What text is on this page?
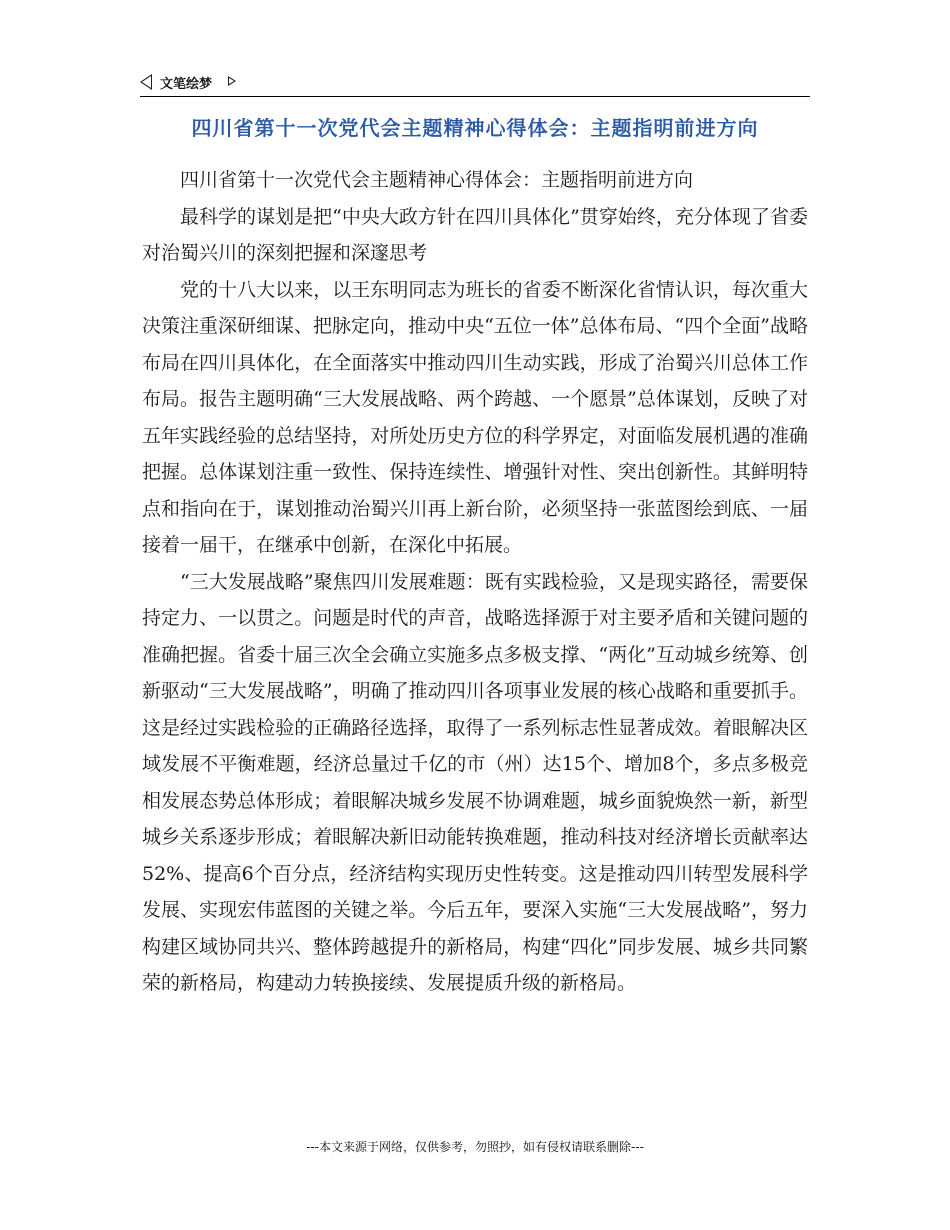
文笔绘梦
四川省第十一次党代会主题精神心得体会：主题指明前进方向

四川省第十一次党代会主题精神心得体会：主题指明前进方向

最科学的谋划是把“中央大政方针在四川具体化”贯穿始终，充分体现了省委对治蜀兴川的深刻把握和深邃思考

党的十八大以来，以王东明同志为班长的省委不断深化省情认识，每次重大决策注重深研细谋、把脉定向，推动中央“五位一体”总体布局、“四个全面”战略布局在四川具体化，在全面落实中推动四川生动实践，形成了治蜀兴川总体工作布局。报告主题明确“三大发展战略、两个跨越、一个愿景”总体谋划，反映了对五年实践经验的总结坚持，对所处历史方位的科学界定，对面临发展机遇的准确把握。总体谋划注重一致性、保持连续性、增强针对性、突出创新性。其鲜明特点和指向在于，谋划推动治蜀兴川再上新台阶，必须坚持一张蓝图绘到底、一届接着一届干，在继承中创新，在深化中拓展。

“三大发展战略”聚焦四川发展难题：既有实践检验，又是现实路径，需要保持定力、一以贯之。问题是时代的声音，战略选择源于对主要矛盾和关键问题的准确把握。省委十届三次全会确立实施多点多极支撑、“两化”互动城乡统筹、创新驱动“三大发展战略”，明确了推动四川各项事业发展的核心战略和重要抓手。这是经过实践检验的正确路径选择，取得了一系列标志性显著成效。着眼解决区域发展不平衡难题，经济总量过千亿的市（州）达15个、增加8个，多点多极竞相发展态势总体形成；着眼解决城乡发展不协调难题，城乡面貌焕然一新，新型城乡关系逐步形成；着眼解决新旧动能转换难题，推动科技对经济增长贡献率达52%、提高6个百分点，经济结构实现历史性转变。这是推动四川转型发展科学发展、实现宏伟蓝图的关键之举。今后五年，要深入实施“三大发展战略”，努力构建区域协同共兴、整体跨越提升的新格局，构建“四化”同步发展、城乡共同繁荣的新格局，构建动力转换接续、发展提质升级的新格局。

---本文来源于网络，仅供参考，勿照抄，如有侵权请联系删除---
